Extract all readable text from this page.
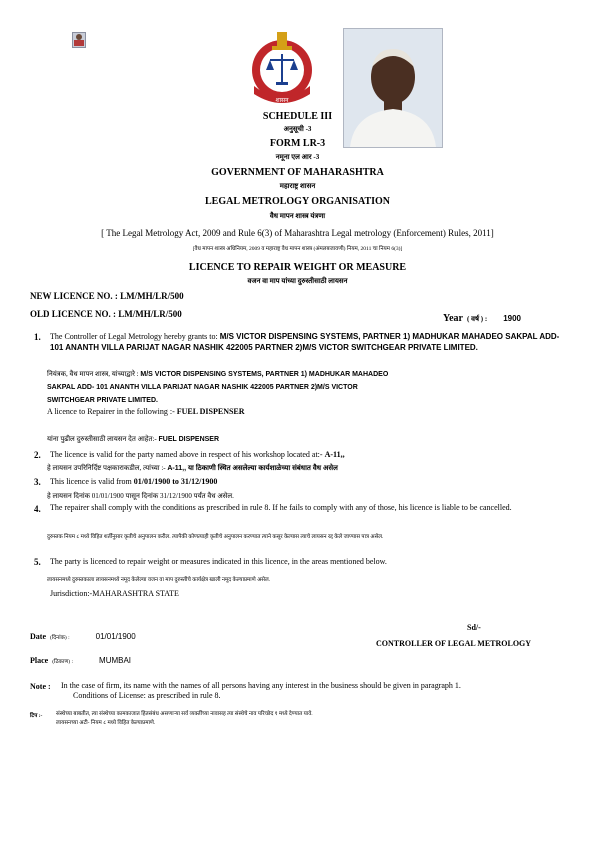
शासन
SCHEDULE III
अनुसूची -3
FORM LR-3
नमूना एल आर -3
GOVERNMENT OF MAHARASHTRA
महाराष्ट्र शासन
LEGAL METROLOGY ORGANISATION
वैध मापन शास्त्र यंत्रणा
[ The Legal Metrology Act, 2009 and Rule 6(3) of Maharashtra Legal metrology (Enforcement) Rules, 2011]
[वैध मापन शास्त्र अधिनियम, 2009 व महाराष्ट्र वैध मापन शास्त्र (अंमलबजावणी) नियम, 2011 चा नियम 6(3)]
LICENCE TO REPAIR WEIGHT OR MEASURE
वजन वा माप यांच्या दुरुस्तीसाठी लायसन
NEW LICENCE NO. : LM/MH/LR/500
OLD LICENCE NO. : LM/MH/LR/500	Year ( वर्ष ) : 1900
1. The Controller of Legal Metrology hereby grants to: M/S VICTOR DISPENSING SYSTEMS, PARTNER 1) MADHUKAR MAHADEO SAKPAL ADD- 101 ANANTH VILLA PARIJAT NAGAR NASHIK 422005 PARTNER 2)M/S VICTOR SWITCHGEAR PRIVATE LIMITED.
नियंत्रक, वैध मापन शास्त्र, यांच्याद्वारे : M/S VICTOR DISPENSING SYSTEMS, PARTNER 1) MADHUKAR MAHADEO
SAKPAL ADD- 101 ANANTH VILLA PARIJAT NAGAR NASHIK 422005 PARTNER 2)M/S VICTOR
SWITCHGEAR PRIVATE LIMITED.
A licence to Repairer in the following :- FUEL DISPENSER
यांना पुढील दुरुस्तीसाठी लायसन देत आहेत:- FUEL DISPENSER
2. The licence is valid for the party named above in respect of his workshop located at:- A-11,,
हे लायसन उपरिनिर्दिष्ट पक्षकाराकडील, त्यांच्या :- A-11,, या ठिकाणी स्थित असलेल्या कार्यशाळेच्या संबंधात वैध असेल
3. This licence is valid from 01/01/1900 to 31/12/1900
हे लायसन दिनांक 01/01/1900 पासून दिनांक 31/12/1900 पर्यंत वैध असेल.
4. The repairer shall comply with the conditions as prescribed in rule 8. If he fails to comply with any of those, his licence is liable to be cancelled.
दुरुस्तक नियम ८ मध्ये विहित शर्तींनुसार कृतीचे अनुपालन करील. त्यापैकी कोणत्याही कृतीचे अनुपालन करण्यात त्याने कसूर केल्यास त्याचे लायसन रद्द केले जाण्यास पात्र असेल.
5. The party is licenced to repair weight or measures indicated in this licence, in the areas mentioned below.
लायसनमध्ये दुरुस्तकाला लायसनमध्ये नमूद केलेल्या वजन वा माप दुरुस्तीचे कार्यक्षेत्र खाली नमूद केल्याप्रमाणे असेल.
Jurisdiction:-MAHARASHTRA STATE
Date (दिनांक) :	01/01/1900
Sd/-
CONTROLLER OF LEGAL METROLOGY
Place (ठिकाण) :	MUMBAI
Note : In the case of firm, its name with the names of all persons having any interest in the business should be given in paragraph 1.
Conditions of License: as prescribed in rule 8.
टिप :- संस्थेच्या बाबतीत, त्या संस्थेच्या कामकाजात हितसंबंध असणाऱ्या सर्व व्यक्तींच्या नावासह त्या संस्थेचे नाव परिच्छेद १ मध्ये देण्यात यावे.
लायसनच्या अटी- नियम ८ मध्ये विहित केल्याप्रमाणे.
